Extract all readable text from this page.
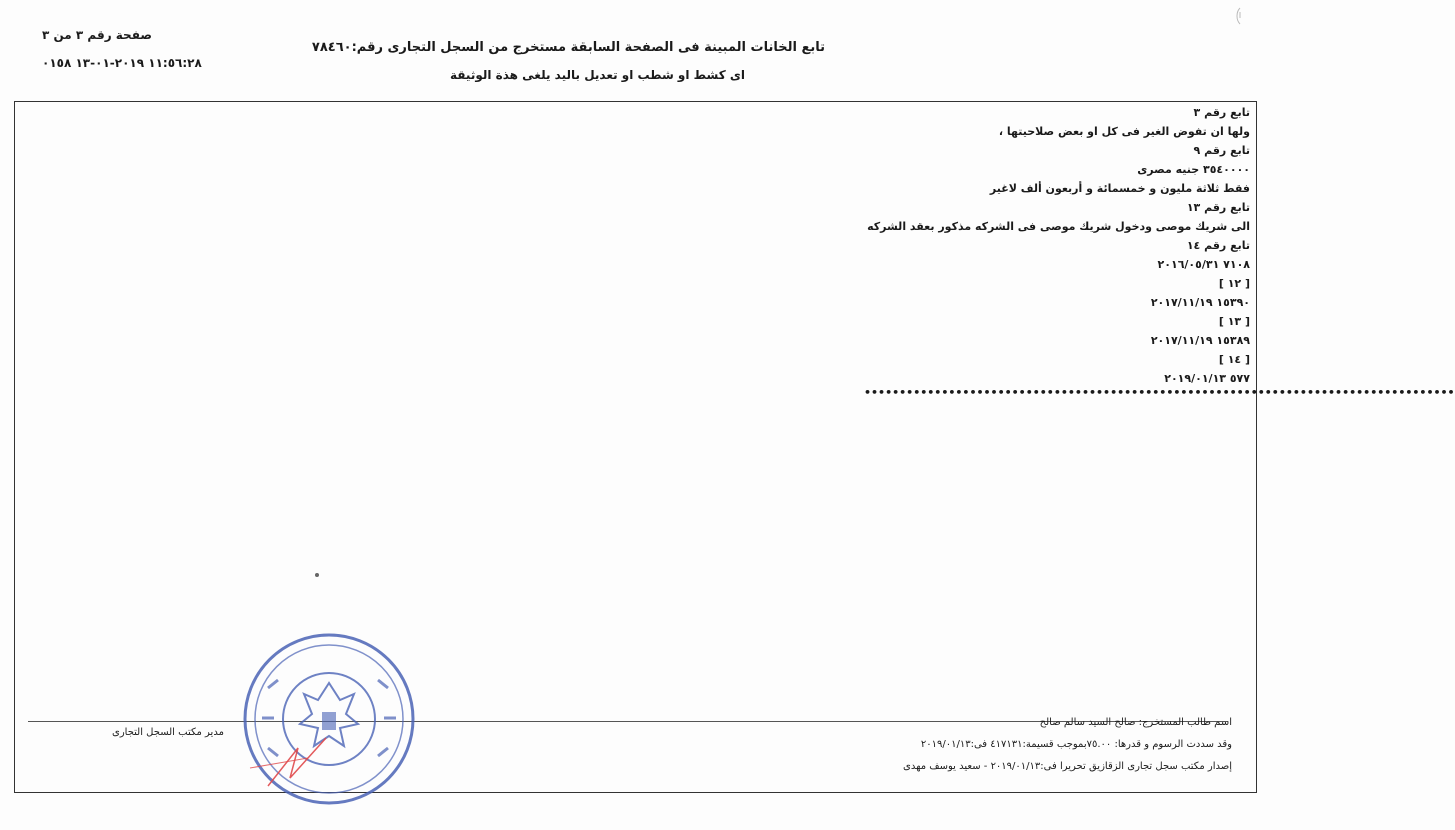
صفحة رقم ٣ من ٣
١١:٥٦:٢٨ ٢٠١٩-٠١-١٣ ٠١٥٨
تابع الخانات المبينة فى الصفحة السابقة مستخرج من السجل التجارى رقم:٧٨٤٦٠
اى كشط او شطب او تعديل باليد يلغى هذة الوثيقة
تابع رقم ٣
ولها ان تفوض الغير فى كل او بعض صلاحيتها ،
تابع رقم ٩
٣٥٤٠٠٠٠ جنيه مصرى
فقط ثلاثة مليون و خمسمائة و أربعون ألف لاغير
تابع رقم ١٣
الى شريك موصى ودخول شريك موصى فى الشركه مذكور بعقد الشركه
تابع رقم ١٤
٧١٠٨ ٢٠١٦/٠٥/٣١
[ ١٢ ]
١٥٣٩٠ ٢٠١٧/١١/١٩
[ ١٣ ]
١٥٣٨٩ ٢٠١٧/١١/١٩
[ ١٤ ]
٥٧٧ ٢٠١٩/٠١/١٣
••••••••••••••••••••••••••••••••••••••••••••••••••••••••••••••••••••••••••••••••••••
اسم طالب المستخرج: صالح السيد سالم صالح
وقد سددت الرسوم و قدرها: ٧٥.٠٠بموجب قسيمة:٤١٧١٣١ فى:٢٠١٩/٠١/١٣
إصدار مكتب سجل تجارى الزقازيق تحريرا فى:٢٠١٩/٠١/١٣ - سعيد يوسف مهدى
مدير مكتب السجل التجارى
